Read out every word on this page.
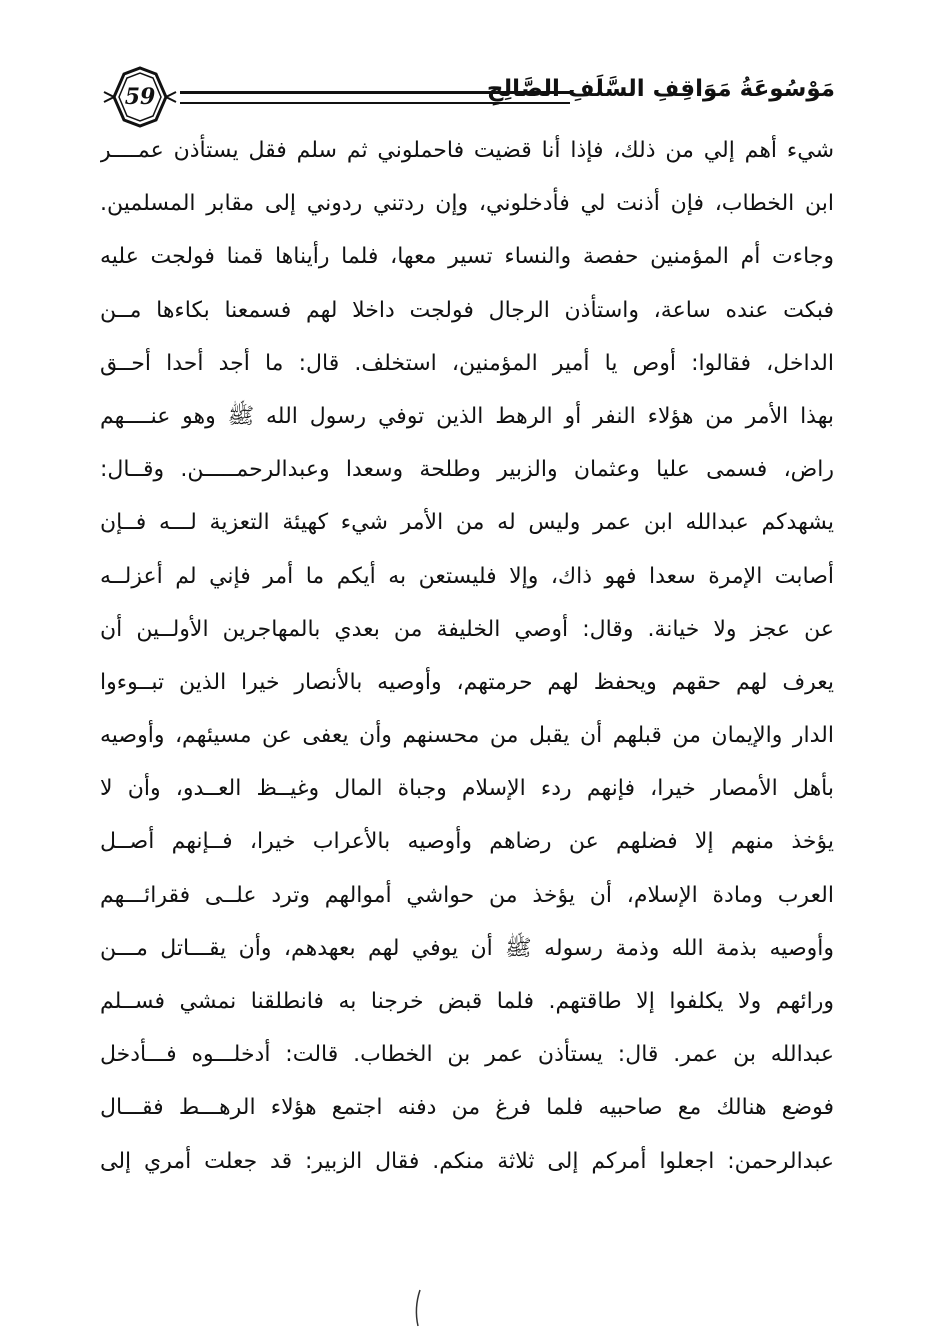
59	مَوْسُوعَةُ مَوَاقِفِ السَّلَفِ الصَّالِحِ
شيء أهم إلي من ذلك، فإذا أنا قضيت فاحملوني ثم سلم فقل يستأذن عمــــر
ابن الخطاب، فإن أذنت لي فأدخلوني، وإن ردتني ردوني إلى مقابر المسلمين.
وجاءت أم المؤمنين حفصة والنساء تسير معها، فلما رأيناها قمنا فولجت عليه
فبكت عنده ساعة، واستأذن الرجال فولجت داخلا لهم فسمعنا بكاءها مــن
الداخل، فقالوا: أوص يا أمير المؤمنين، استخلف. قال: ما أجد أحدا أحــق
بهذا الأمر من هؤلاء النفر أو الرهط الذين توفي رسول الله ﷺ وهو عنــــهم
راض، فسمى عليا وعثمان والزبير وطلحة وسعدا وعبدالرحمـــــن. وقــال:
يشهدكم عبدالله ابن عمر وليس له من الأمر شيء كهيئة التعزية لـــه فــإن
أصابت الإمرة سعدا فهو ذاك، وإلا فليستعن به أيكم ما أمر فإني لم أعزلــه
عن عجز ولا خيانة. وقال: أوصي الخليفة من بعدي بالمهاجرين الأولــين أن
يعرف لهم حقهم ويحفظ لهم حرمتهم، وأوصيه بالأنصار خيرا الذين تبــوءوا
الدار والإيمان من قبلهم أن يقبل من محسنهم وأن يعفى عن مسيئهم، وأوصيه
بأهل الأمصار خيرا، فإنهم ردء الإسلام وجباة المال وغيــظ العــدو، وأن لا
يؤخذ منهم إلا فضلهم عن رضاهم وأوصيه بالأعراب خيرا، فــإنهم أصــل
العرب ومادة الإسلام، أن يؤخذ من حواشي أموالهم وترد علــى فقرائـــهم
وأوصيه بذمة الله وذمة رسوله ﷺ أن يوفي لهم بعهدهم، وأن يقـــاتل مـــن
ورائهم ولا يكلفوا إلا طاقتهم. فلما قبض خرجنا به فانطلقنا نمشي فســلم
عبدالله بن عمر. قال: يستأذن عمر بن الخطاب. قالت: أدخلـــوه فـــأدخل
فوضع هنالك مع صاحبيه فلما فرغ من دفنه اجتمع هؤلاء الرهـــط فقـــال
عبدالرحمن: اجعلوا أمركم إلى ثلاثة منكم. فقال الزبير: قد جعلت أمري إلى
